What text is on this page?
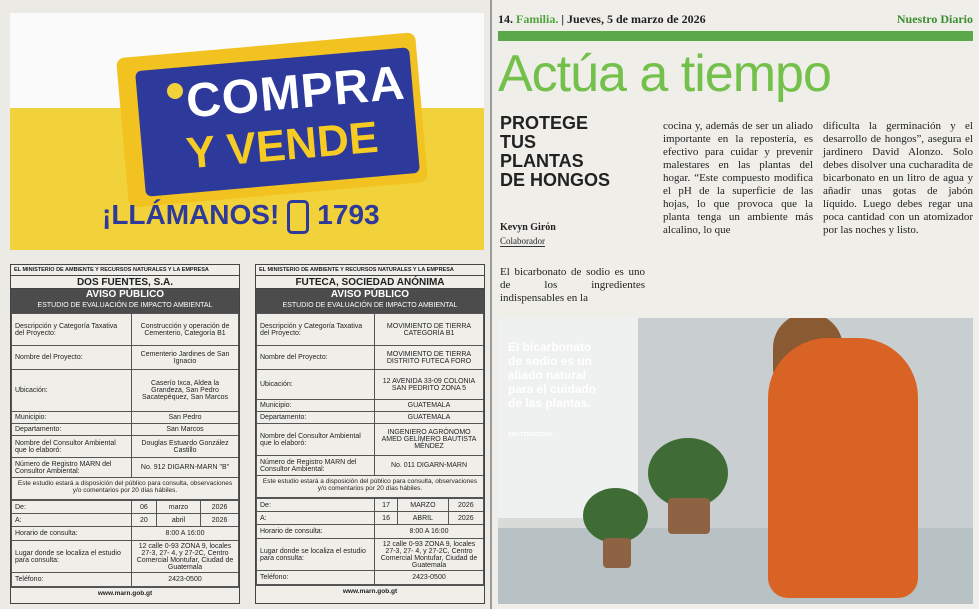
COMPRA
Y VENDE
¡LLÁMANOS! 1793
EL MINISTERIO DE AMBIENTE Y RECURSOS NATURALES Y LA EMPRESA
DOS FUENTES, S.A.
AVISO PÚBLICO
ESTUDIO DE EVALUACIÓN DE IMPACTO AMBIENTAL
Descripción y Categoría Taxativa del Proyecto:	Construcción y operación de Cementerio, Categoría B1
Nombre del Proyecto:	Cementerio Jardines de San Ignacio
Ubicación:	Caserío Ixca, Aldea la Grandeza, San Pedro Sacatepéquez, San Marcos
Municipio:	San Pedro
Departamento:	San Marcos
Nombre del Consultor Ambiental que lo elaboró:	Douglas Estuardo González Castillo
Número de Registro MARN del Consultor Ambiental:	No. 912 DIGARN-MARN "B"
Este estudio estará a disposición del público para consulta, observaciones y/o comentarios por 20 días hábiles.
De:	06	marzo	2026
A:	20	abril	2026
Horario de consulta:	8:00 A 16:00		
Lugar donde se localiza el estudio para consulta:	12 calle 0-93 ZONA 9, locales 27-3, 27- 4, y 27-2C, Centro Comercial Montufar, Ciudad de Guatemala		
Teléfono:	2423-0500		
www.marn.gob.gt
EL MINISTERIO DE AMBIENTE Y RECURSOS NATURALES Y LA EMPRESA
FUTECA, SOCIEDAD ANÓNIMA
AVISO PÚBLICO
ESTUDIO DE EVALUACIÓN DE IMPACTO AMBIENTAL
Descripción y Categoría Taxativa del Proyecto:	MOVIMIENTO DE TIERRA CATEGORÍA B1
Nombre del Proyecto:	MOVIMIENTO DE TIERRA DISTRITO FUTECA FORO
Ubicación:	12 AVENIDA 33-09 COLONIA SAN PEDRITO ZONA 5
Municipio:	GUATEMALA
Departamento:	GUATEMALA
Nombre del Consultor Ambiental que lo elaboró:	INGENIERO AGRÓNOMO AMED GELÍMERO BAUTISTA MÉNDEZ
Número de Registro MARN del Consultor Ambiental:	No. 011 DIGARN-MARN
Este estudio estará a disposición del público para consulta, observaciones y/o comentarios por 20 días hábiles.
De:	17	MARZO	2026
A:	16	ABRIL	2026
Horario de consulta:	8:00 A 16:00		
Lugar donde se localiza el estudio para consulta:	12 calle 0-93 ZONA 9, locales 27-3, 27- 4, y 27-2C, Centro Comercial Montufar, Ciudad de Guatemala		
Teléfono:	2423-0500		
www.marn.gob.gt
14. Familia. | Jueves, 5 de marzo de 2026	Nuestro Diario
Actúa a tiempo
PROTEGE TUS PLANTAS DE HONGOS
Kevyn Girón
Colaborador
El bicarbonato de sodio es uno de los ingredientes indispensables en la
cocina y, además de ser un aliado importante en la repostería, es efectivo para cuidar y prevenir malestares en las plantas del hogar. “Este compuesto modifica el pH de la superficie de las hojas, lo que provoca que la planta tenga un ambiente más alcalino, lo que
dificulta la germinación y el desarrollo de hongos”, asegura el jardinero David Alonzo. Solo debes disolver una cucharadita de bicarbonato en un litro de agua y añadir unas gotas de jabón líquido. Luego debes regar una poca cantidad con un atomizador por las noches y listo.
El bicarbonato de sodio es un aliado natural para el cuidado de las plantas.
SHUTTERSTOCK
